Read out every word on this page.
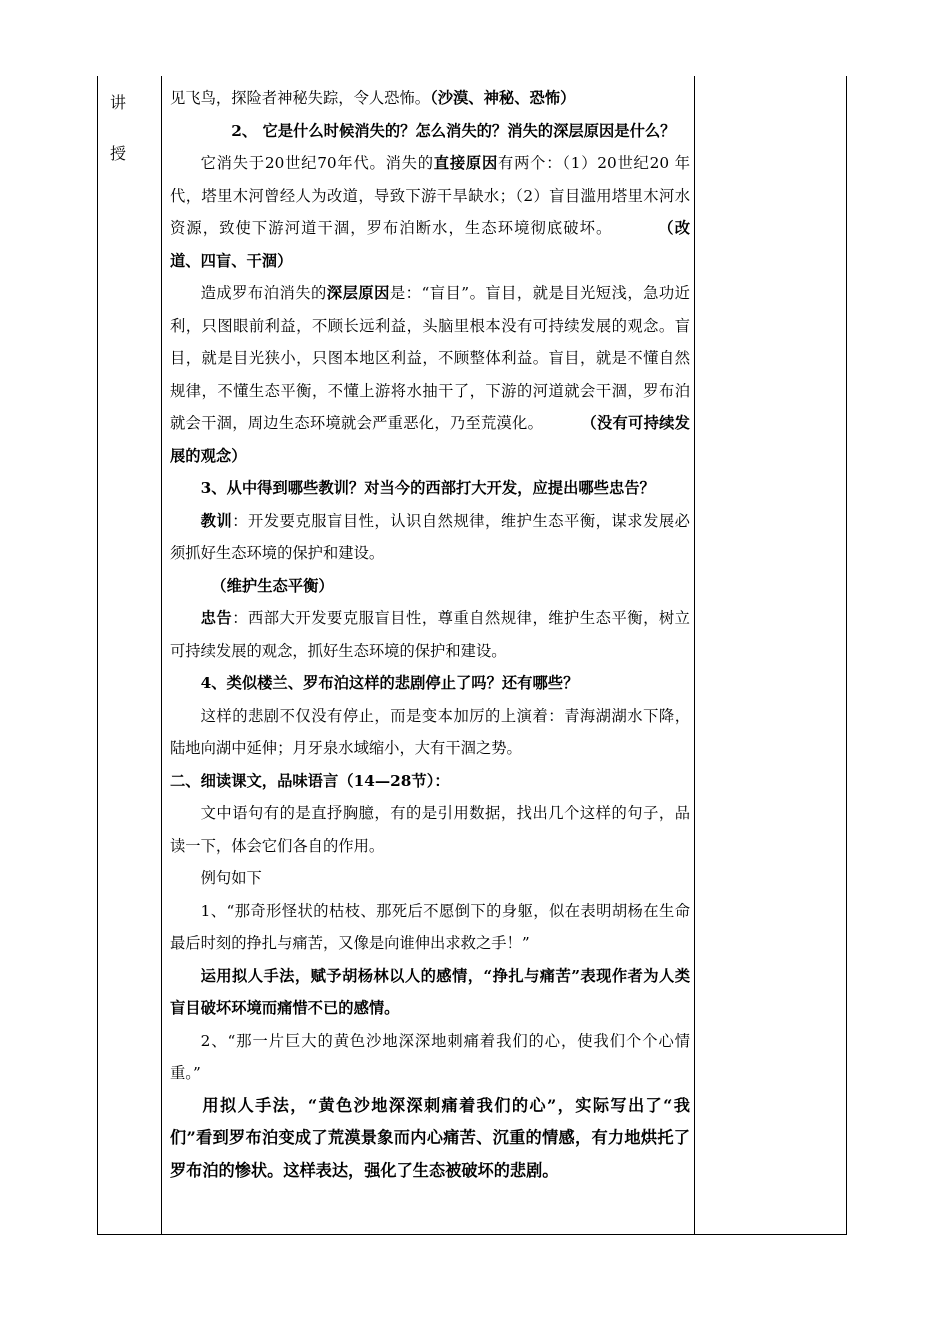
讲
授

见飞鸟，探险者神秘失踪，令人恐怖。（沙漠、神秘、恐怖）

2、 它是什么时候消失的？怎么消失的？消失的深层原因是什么？

它消失于20世纪70年代。消失的直接原因有两个：（1）20世纪20 年代，塔里木河曾经人为改道，导致下游干旱缺水；（2）盲目滥用塔里木河水资源，致使下游河道干涸，罗布泊断水，生态环境彻底破坏。	（改道、四盲、干涸）

造成罗布泊消失的深层原因是：“盲目”。盲目，就是目光短浅，急功近利，只图眼前利益，不顾长远利益，头脑里根本没有可持续发展的观念。盲目，就是目光狭小，只图本地区利益，不顾整体利益。盲目，就是不懂自然规律，不懂生态平衡，不懂上游将水抽干了，下游的河道就会干涸，罗布泊就会干涸，周边生态环境就会严重恶化，乃至荒漠化。	（没有可持续发展的观念）

3、从中得到哪些教训？对当今的西部打大开发，应提出哪些忠告？

教训：开发要克服盲目性，认识自然规律，维护生态平衡，谋求发展必须抓好生态环境的保护和建设。

（维护生态平衡）

忠告：西部大开发要克服盲目性，尊重自然规律，维护生态平衡，树立可持续发展的观念，抓好生态环境的保护和建设。

4、类似楼兰、罗布泊这样的悲剧停止了吗？还有哪些？

这样的悲剧不仅没有停止，而是变本加厉的上演着：青海湖湖水下降，陆地向湖中延伸；月牙泉水域缩小，大有干涸之势。

二、细读课文，品味语言（14—28节）：

文中语句有的是直抒胸臆，有的是引用数据，找出几个这样的句子，品读一下，体会它们各自的作用。

例句如下

1、“那奇形怪状的枯枝、那死后不愿倒下的身躯，似在表明胡杨在生命最后时刻的挣扎与痛苦，又像是向谁伸出求救之手！”

运用拟人手法，赋予胡杨林以人的感情，“挣扎与痛苦”表现作者为人类盲目破坏环境而痛惜不已的感情。

2、“那一片巨大的黄色沙地深深地刺痛着我们的心，使我们个个心情重。”

用拟人手法，“黄色沙地深深刺痛着我们的心”，实际写出了“我们”看到罗布泊变成了荒漠景象而内心痛苦、沉重的情感，有力地烘托了罗布泊的惨状。这样表达，强化了生态被破坏的悲剧。
